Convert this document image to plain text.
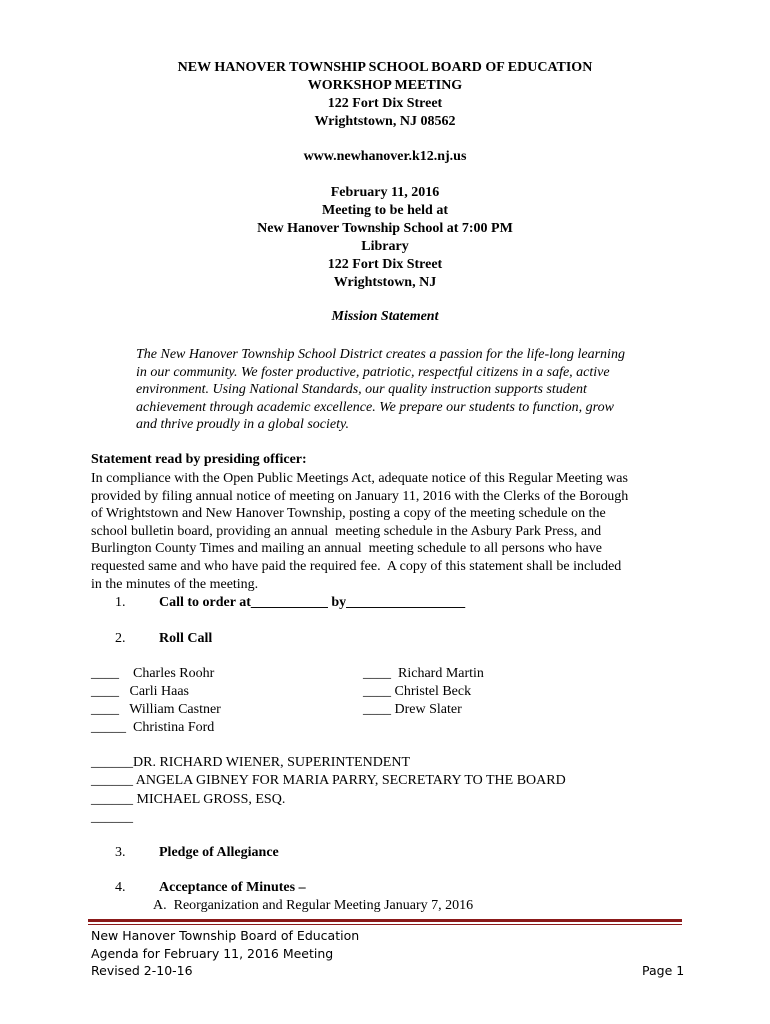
NEW HANOVER TOWNSHIP SCHOOL BOARD OF EDUCATION
WORKSHOP MEETING
122 Fort Dix Street
Wrightstown, NJ 08562
www.newhanover.k12.nj.us
February 11, 2016
Meeting to be held at
New Hanover Township School at 7:00 PM
Library
122 Fort Dix Street
Wrightstown, NJ
Mission Statement

The New Hanover Township School District creates a passion for the life-long learning

in our community. We foster productive, patriotic, respectful citizens in a safe, active

environment. Using National Standards, our quality instruction supports student

achievement through academic excellence. We prepare our students to function, grow

and thrive proudly in a global society.

Statement read by presiding officer:
In compliance with the Open Public Meetings Act, adequate notice of this Regular Meeting was
provided by filing annual notice of meeting on January 11, 2016 with the Clerks of the Borough
of Wrightstown and New Hanover Township, posting a copy of the meeting schedule on the
school bulletin board, providing an annual  meeting schedule in the Asbury Park Press, and
Burlington County Times and mailing an annual  meeting schedule to all persons who have
requested same and who have paid the required fee.  A copy of this statement shall be included
in the minutes of the meeting.
1. Call to order at___________ by_________________
2. Roll Call
____    Charles Roohr
____   Carli Haas
____   William Castner
_____  Christina Ford
____  Richard Martin
____ Christel Beck
____ Drew Slater
______DR. RICHARD WIENER, SUPERINTENDENT
______ ANGELA GIBNEY FOR MARIA PARRY, SECRETARY TO THE BOARD
______ MICHAEL GROSS, ESQ.
______
3. Pledge of Allegiance
4. Acceptance of Minutes –
A.  Reorganization and Regular Meeting January 7, 2016
New Hanover Township Board of Education
Agenda for February 11, 2016 Meeting
Revised 2-10-16	Page 1
